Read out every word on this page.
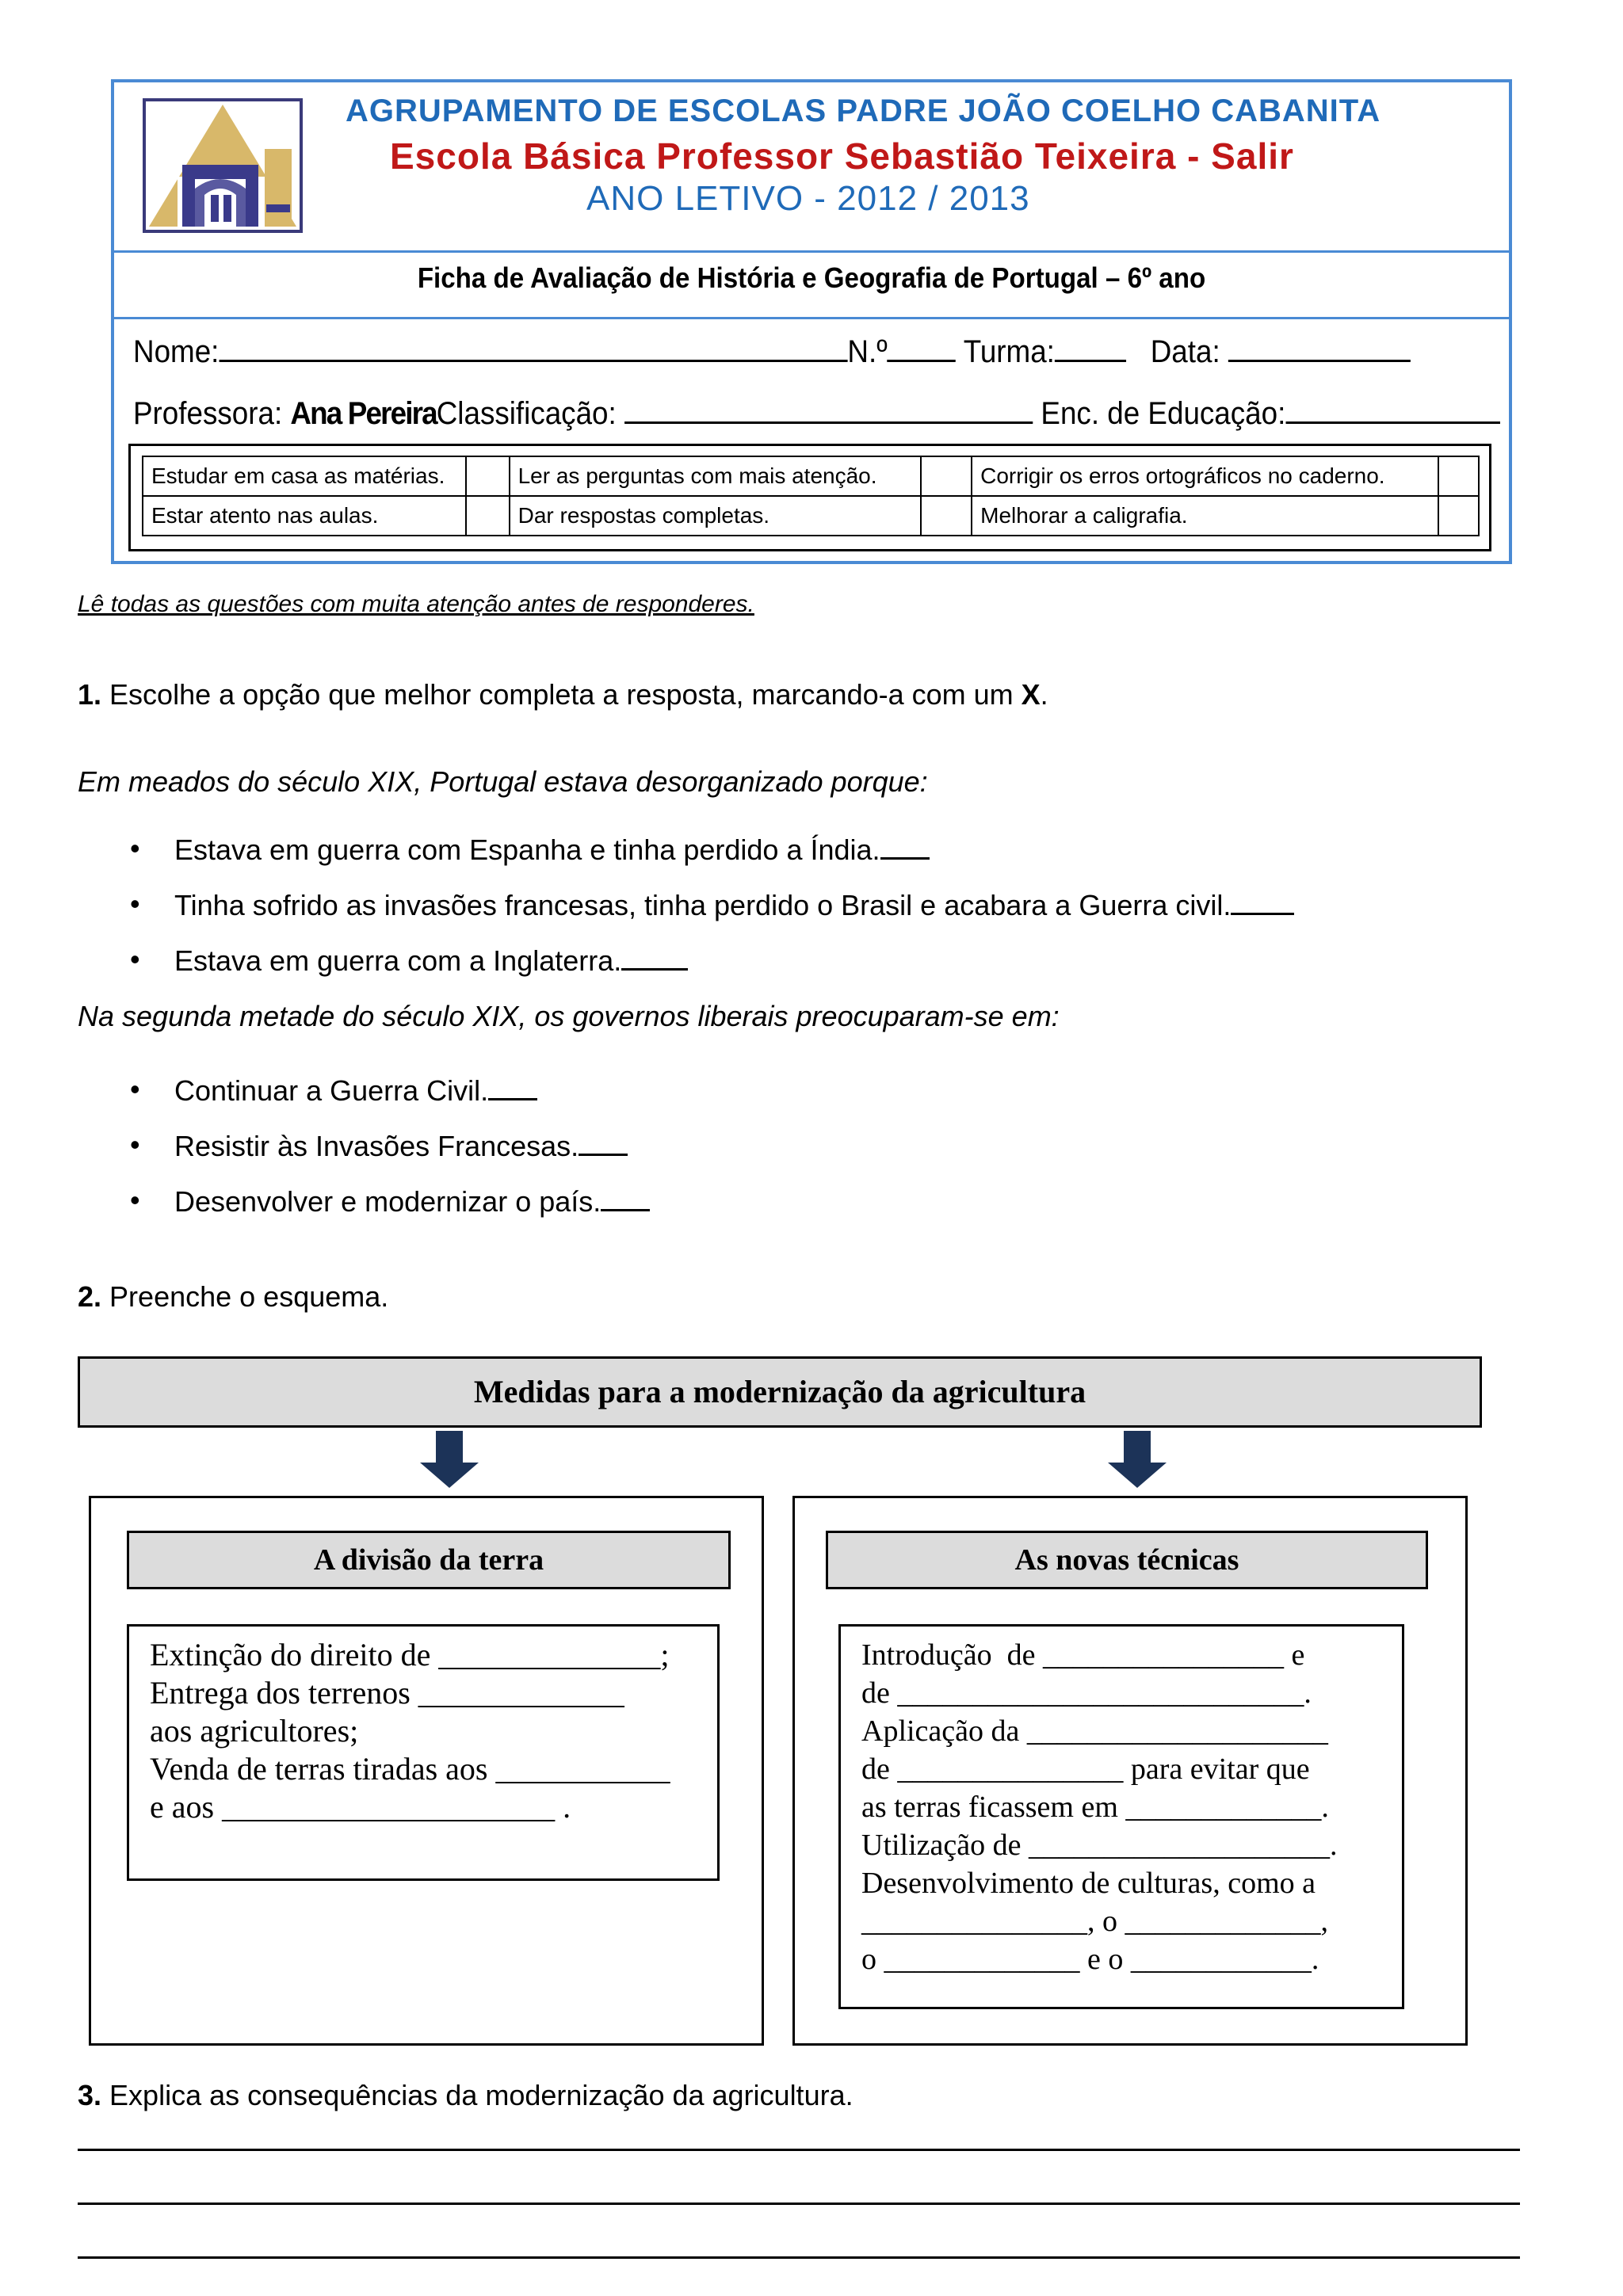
AGRUPAMENTO DE ESCOLAS PADRE JOÃO COELHO CABANITA
Escola Básica Professor Sebastião Teixeira - Salir
ANO LETIVO - 2012 / 2013
Ficha de Avaliação de História e Geografia de Portugal – 6º ano
Nome:	N.º Turma:	Data:
Professora: Ana PereiraClassificação:	Enc. de Educação:
Estudar em casa as matérias.		Ler as perguntas com mais atenção.		Corrigir os erros ortográficos no caderno.	
Estar atento nas aulas.		Dar respostas completas.		Melhorar a caligrafia.	
Lê todas as questões com muita atenção antes de responderes.
1. Escolhe a opção que melhor completa a resposta, marcando-a com um X.
Em meados do século XIX, Portugal estava desorganizado porque:
• Estava em guerra com Espanha e tinha perdido a Índia.
• Tinha sofrido as invasões francesas, tinha perdido o Brasil e acabara a Guerra civil.
• Estava em guerra com a Inglaterra.
Na segunda metade do século XIX, os governos liberais preocuparam-se em:
• Continuar a Guerra Civil.
• Resistir às Invasões Francesas.
• Desenvolver e modernizar o país.
2. Preenche o esquema.
Medidas para a modernização da agricultura
A divisão da terra
Extinção do direito de ______________;
Entrega dos terrenos _____________
aos agricultores;
Venda de terras tiradas aos ___________
e aos _____________________ .
As novas técnicas
Introdução  de ________________ e
de ___________________________.
Aplicação da ____________________
de _______________ para evitar que
as terras ficassem em _____________.
Utilização de ____________________.
Desenvolvimento de culturas, como a
_______________, o _____________,
o _____________ e o ____________.
3. Explica as consequências da modernização da agricultura.
